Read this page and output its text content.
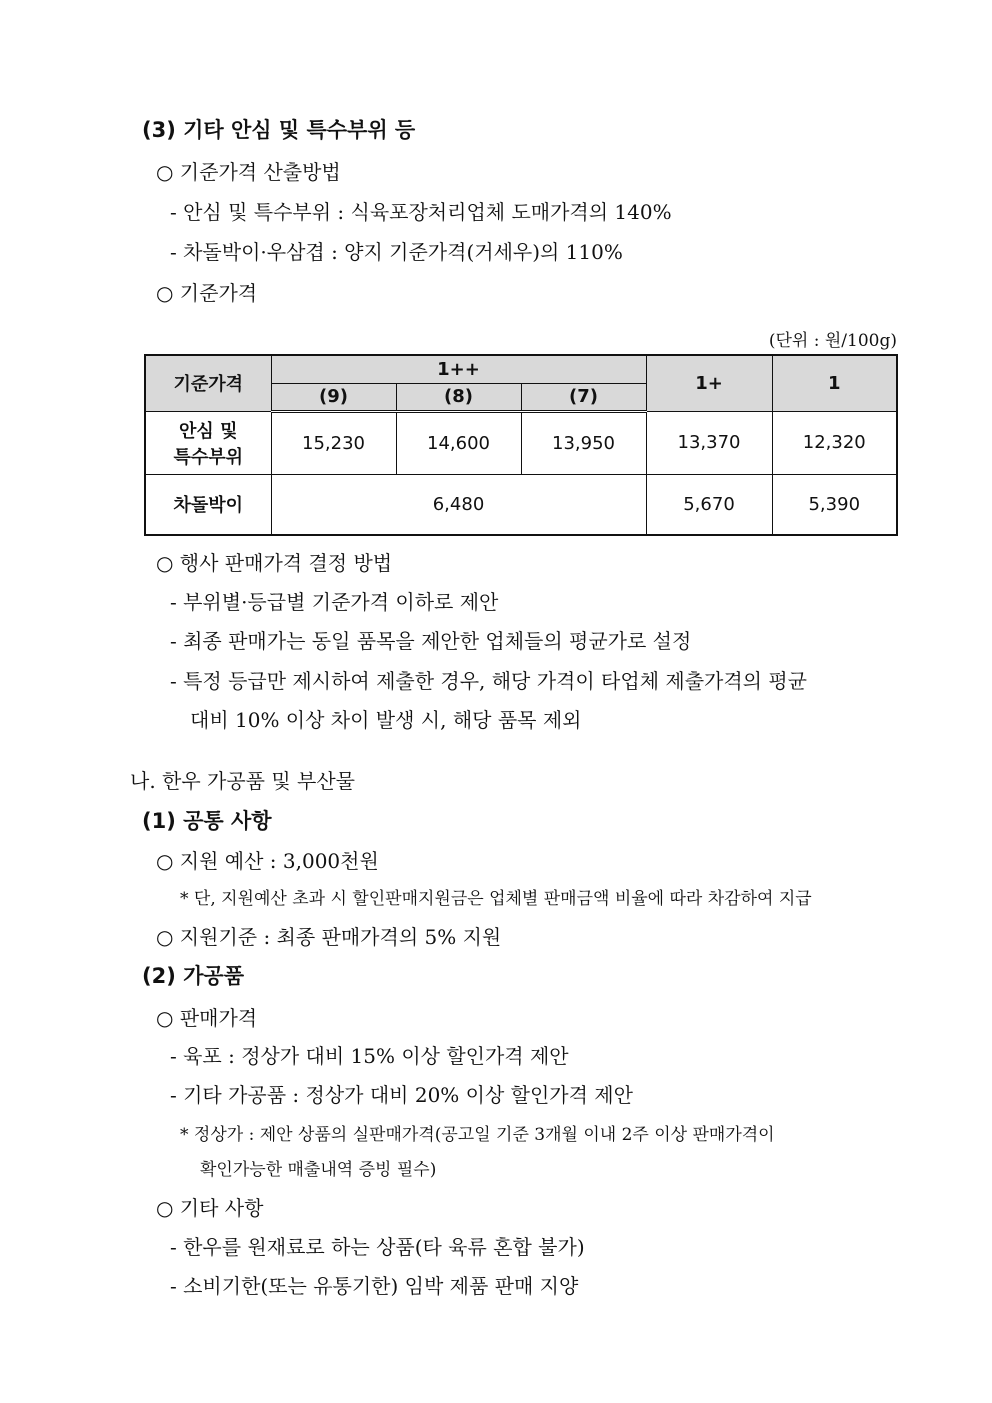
(3) 기타 안심 및 특수부위 등
○ 기준가격 산출방법
- 안심 및 특수부위 : 식육포장처리업체 도매가격의 140%
- 차돌박이·우삼겹 : 양지 기준가격(거세우)의 110%
○ 기준가격
(단위 : 원/100g)
기준가격	1++			1+	1
	(9)	(8)	(7)		

안심 및
특수부위	15,230	14,600	13,950	13,370	12,320
차돌박이	6,480			5,670	5,390
○ 행사 판매가격 결정 방법
- 부위별·등급별 기준가격 이하로 제안
- 최종 판매가는 동일 품목을 제안한 업체들의 평균가로 설정
- 특정 등급만 제시하여 제출한 경우, 해당 가격이 타업체 제출가격의 평균
대비 10% 이상 차이 발생 시, 해당 품목 제외
나. 한우 가공품 및 부산물
(1) 공통 사항
○ 지원 예산 : 3,000천원
* 단, 지원예산 초과 시 할인판매지원금은 업체별 판매금액 비율에 따라 차감하여 지급
○ 지원기준 : 최종 판매가격의 5% 지원
(2) 가공품
○ 판매가격
- 육포 : 정상가 대비 15% 이상 할인가격 제안
- 기타 가공품 : 정상가 대비 20% 이상 할인가격 제안
* 정상가 : 제안 상품의 실판매가격(공고일 기준 3개월 이내 2주 이상 판매가격이
확인가능한 매출내역 증빙 필수)
○ 기타 사항
- 한우를 원재료로 하는 상품(타 육류 혼합 불가)
- 소비기한(또는 유통기한) 임박 제품 판매 지양
